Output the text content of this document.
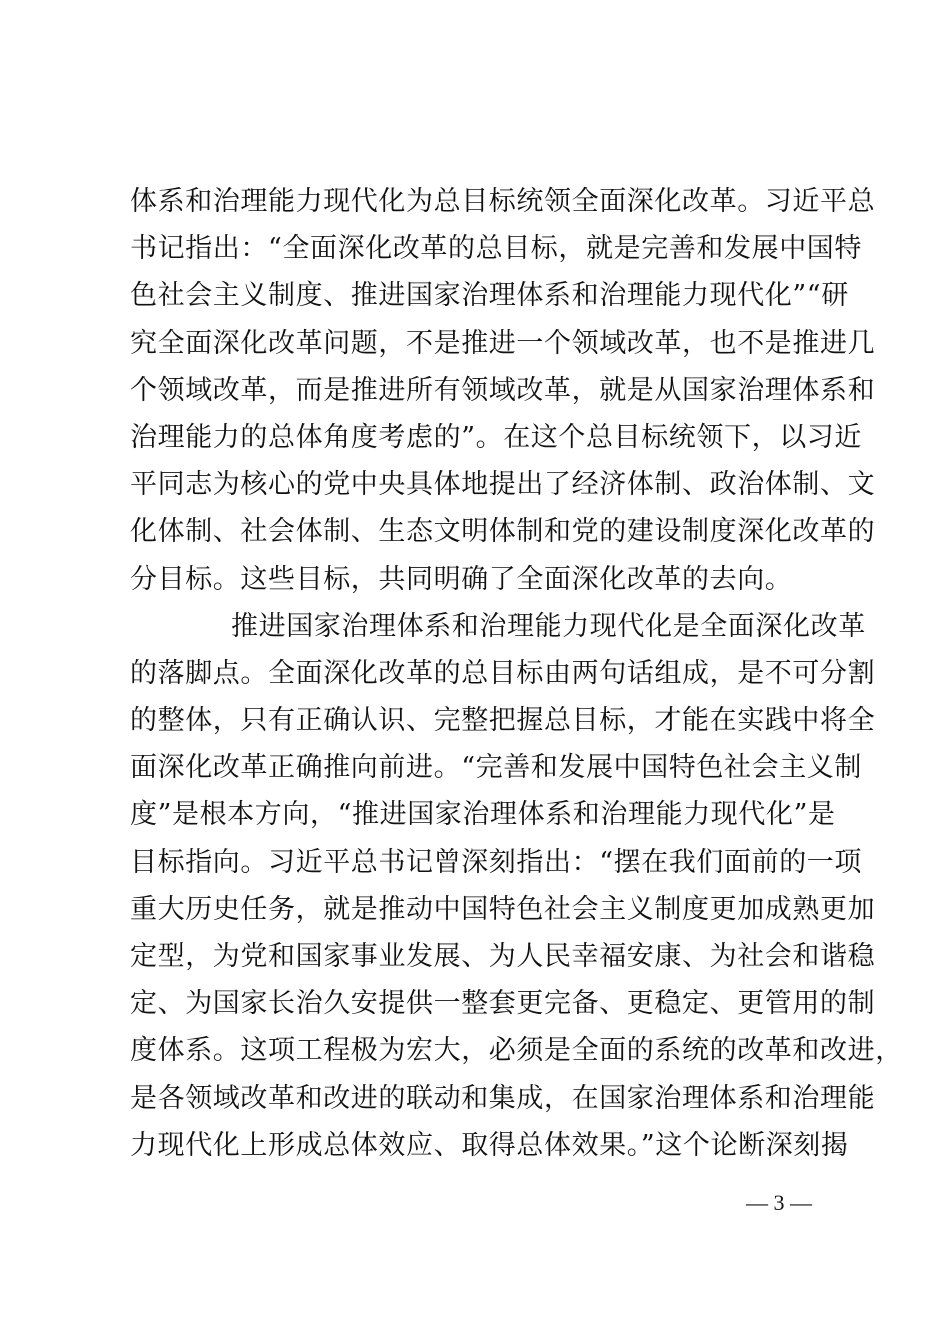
体系和治理能力现代化为总目标统领全面深化改革。习近平总
书记指出：“全面深化改革的总目标，就是完善和发展中国特
色社会主义制度、推进国家治理体系和治理能力现代化”“研
究全面深化改革问题，不是推进一个领域改革，也不是推进几
个领域改革，而是推进所有领域改革，就是从国家治理体系和
治理能力的总体角度考虑的”。在这个总目标统领下，以习近
平同志为核心的党中央具体地提出了经济体制、政治体制、文
化体制、社会体制、生态文明体制和党的建设制度深化改革的
分目标。这些目标，共同明确了全面深化改革的去向。
推进国家治理体系和治理能力现代化是全面深化改革
的落脚点。全面深化改革的总目标由两句话组成，是不可分割
的整体，只有正确认识、完整把握总目标，才能在实践中将全
面深化改革正确推向前进。“完善和发展中国特色社会主义制
度”是根本方向，“推进国家治理体系和治理能力现代化”是
目标指向。习近平总书记曾深刻指出：“摆在我们面前的一项
重大历史任务，就是推动中国特色社会主义制度更加成熟更加
定型，为党和国家事业发展、为人民幸福安康、为社会和谐稳
定、为国家长治久安提供一整套更完备、更稳定、更管用的制
度体系。这项工程极为宏大，必须是全面的系统的改革和改进，
是各领域改革和改进的联动和集成，在国家治理体系和治理能
力现代化上形成总体效应、取得总体效果。”这个论断深刻揭
— 3 —
